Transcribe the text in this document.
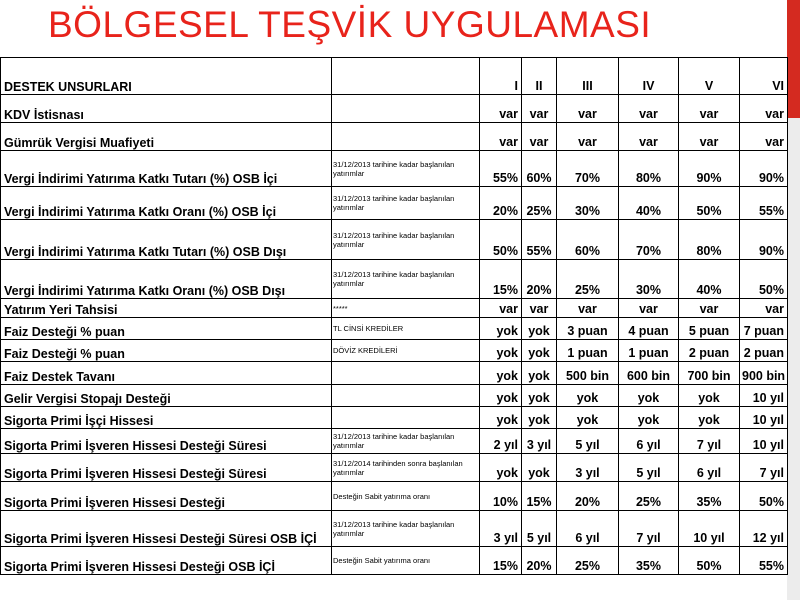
BÖLGESEL TEŞVİK UYGULAMASI
DESTEK UNSURLARI		I	II	III	IV	V	VI
KDV İstisnası		var	var	var	var	var	var
Gümrük Vergisi Muafiyeti		var	var	var	var	var	var
Vergi İndirimi Yatırıma Katkı Tutarı (%) OSB İçi	31/12/2013 tarihine kadar başlanılan yatırımlar	55%	60%	70%	80%	90%	90%
Vergi İndirimi Yatırıma Katkı Oranı (%) OSB İçi	31/12/2013 tarihine kadar başlanılan yatırımlar	20%	25%	30%	40%	50%	55%
Vergi İndirimi Yatırıma Katkı Tutarı (%) OSB Dışı	31/12/2013 tarihine kadar başlanılan yatırımlar	50%	55%	60%	70%	80%	90%
Vergi İndirimi Yatırıma Katkı Oranı (%) OSB Dışı	31/12/2013 tarihine kadar başlanılan yatırımlar	15%	20%	25%	30%	40%	50%
Yatırım Yeri Tahsisi	*****	var	var	var	var	var	var
Faiz Desteği % puan	TL CİNSİ KREDİLER	yok	yok	3 puan	4 puan	5 puan	7 puan
Faiz Desteği % puan	DÖVİZ KREDİLERİ	yok	yok	1 puan	1 puan	2 puan	2 puan
Faiz Destek Tavanı		yok	yok	500 bin	600 bin	700 bin	900 bin
Gelir Vergisi Stopajı Desteği		yok	yok	yok	yok	yok	10 yıl
Sigorta Primi İşçi Hissesi		yok	yok	yok	yok	yok	10 yıl
Sigorta Primi İşveren Hissesi Desteği Süresi	31/12/2013 tarihine kadar başlanılan yatırımlar	2 yıl	3 yıl	5 yıl	6 yıl	7 yıl	10 yıl
Sigorta Primi İşveren Hissesi Desteği Süresi	31/12/2014 tarihinden sonra başlanılan yatırımlar	yok	yok	3 yıl	5 yıl	6 yıl	7 yıl
Sigorta Primi İşveren Hissesi Desteği	Desteğin Sabit yatırıma oranı	10%	15%	20%	25%	35%	50%
Sigorta Primi İşveren Hissesi Desteği Süresi OSB İÇİ	31/12/2013 tarihine kadar başlanılan yatırımlar	3 yıl	5 yıl	6 yıl	7 yıl	10 yıl	12 yıl
Sigorta Primi İşveren Hissesi Desteği OSB İÇİ	Desteğin Sabit yatırıma oranı	15%	20%	25%	35%	50%	55%
